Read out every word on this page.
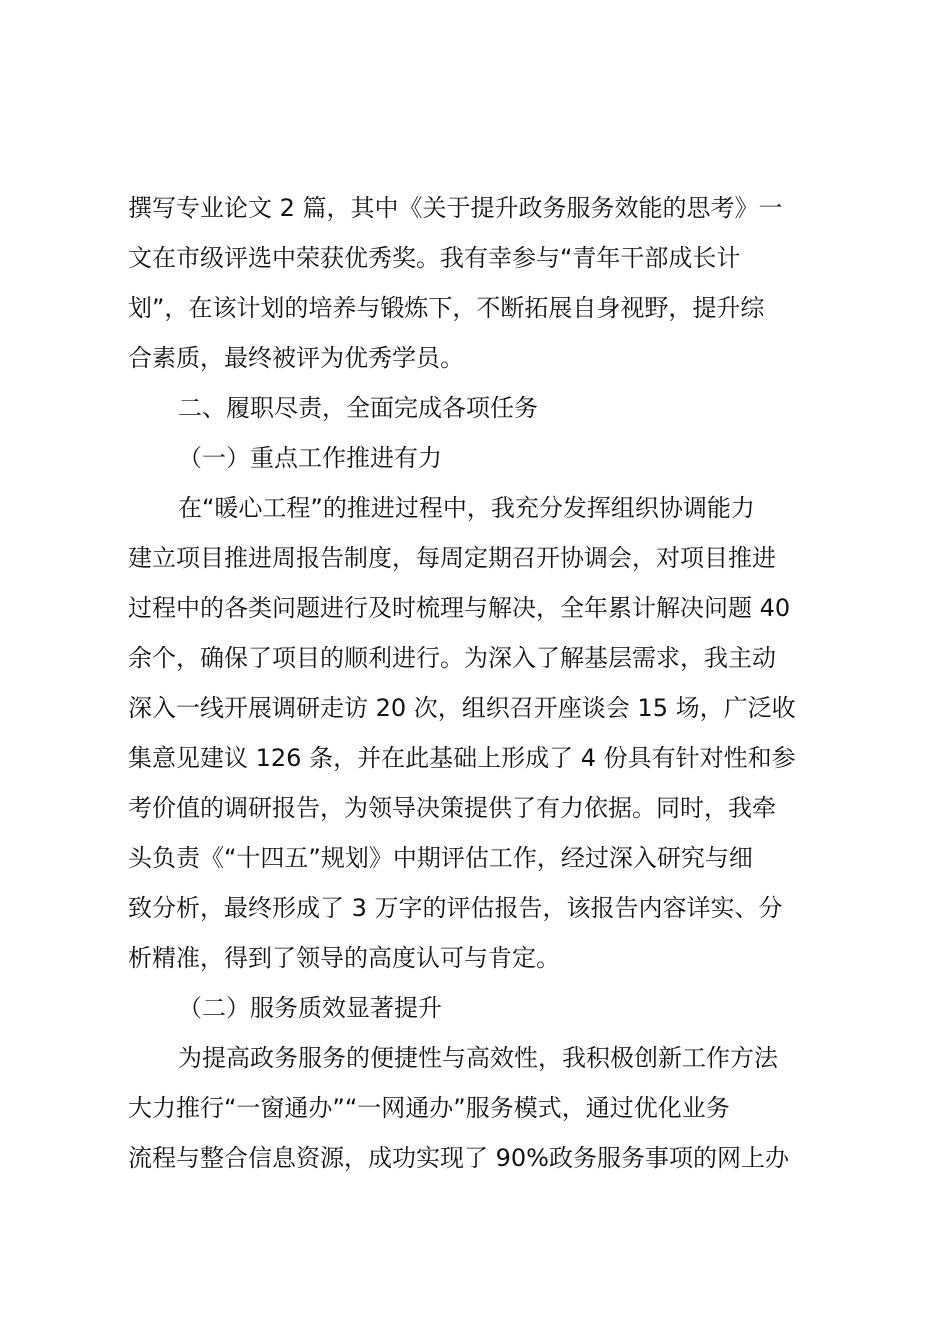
撰写专业论文 2 篇，其中《关于提升政务服务效能的思考》一
文在市级评选中荣获优秀奖。我有幸参与“青年干部成长计
划”，在该计划的培养与锻炼下，不断拓展自身视野，提升综
合素质，最终被评为优秀学员。
二、履职尽责，全面完成各项任务
（一）重点工作推进有力
在“暖心工程”的推进过程中，我充分发挥组织协调能力
建立项目推进周报告制度，每周定期召开协调会，对项目推进
过程中的各类问题进行及时梳理与解决，全年累计解决问题 40
余个，确保了项目的顺利进行。为深入了解基层需求，我主动
深入一线开展调研走访 20 次，组织召开座谈会 15 场，广泛收
集意见建议 126 条，并在此基础上形成了 4 份具有针对性和参
考价值的调研报告，为领导决策提供了有力依据。同时，我牵
头负责《“十四五”规划》中期评估工作，经过深入研究与细
致分析，最终形成了 3 万字的评估报告，该报告内容详实、分
析精准，得到了领导的高度认可与肯定。
（二）服务质效显著提升
为提高政务服务的便捷性与高效性，我积极创新工作方法
大力推行“一窗通办”“一网通办”服务模式，通过优化业务
流程与整合信息资源，成功实现了 90%政务服务事项的网上办
